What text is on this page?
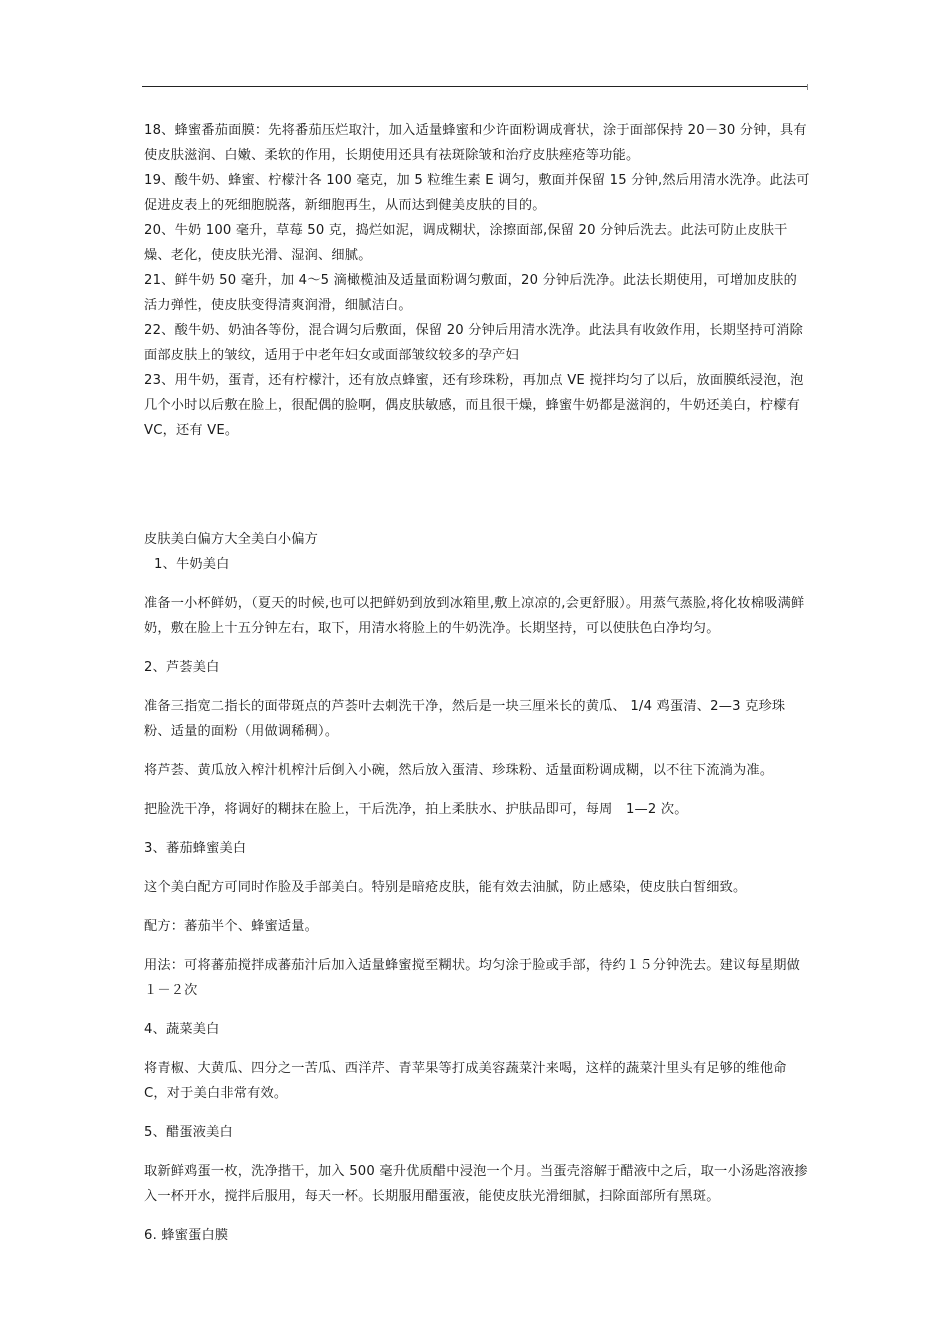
18、蜂蜜番茄面膜：先将番茄压烂取汁，加入适量蜂蜜和少许面粉调成膏状，涂于面部保持 20－30 分钟，具有使皮肤滋润、白嫩、柔软的作用，长期使用还具有祛斑除皱和治疗皮肤痤疮等功能。

19、酸牛奶、蜂蜜、柠檬汁各 100 毫克，加 5 粒维生素 E 调匀，敷面并保留 15 分钟,然后用清水洗净。此法可促进皮表上的死细胞脱落，新细胞再生，从而达到健美皮肤的目的。

20、牛奶 100 毫升，草莓 50 克，捣烂如泥，调成糊状，涂擦面部,保留 20 分钟后洗去。此法可防止皮肤干燥、老化，使皮肤光滑、湿润、细腻。

21、鲜牛奶 50 毫升，加 4～5 滴橄榄油及适量面粉调匀敷面，20 分钟后洗净。此法长期使用，可增加皮肤的活力弹性，使皮肤变得清爽润滑，细腻洁白。

22、酸牛奶、奶油各等份，混合调匀后敷面，保留 20 分钟后用清水洗净。此法具有收敛作用，长期坚持可消除面部皮肤上的皱纹，适用于中老年妇女或面部皱纹较多的孕产妇

23、用牛奶，蛋青，还有柠檬汁，还有放点蜂蜜，还有珍珠粉，再加点 VE 搅拌均匀了以后，放面膜纸浸泡，泡几个小时以后敷在脸上，很配偶的脸啊，偶皮肤敏感，而且很干燥，蜂蜜牛奶都是滋润的，牛奶还美白，柠檬有 VC，还有 VE。

皮肤美白偏方大全美白小偏方

1、牛奶美白

准备一小杯鲜奶，（夏天的时候,也可以把鲜奶到放到冰箱里,敷上凉凉的,会更舒服）。用蒸气蒸脸,将化妆棉吸满鲜奶，敷在脸上十五分钟左右，取下，用清水将脸上的牛奶洗净。长期坚持，可以使肤色白净均匀。

2、芦荟美白

准备三指宽二指长的面带斑点的芦荟叶去刺洗干净，然后是一块三厘米长的黄瓜、 1/4 鸡蛋清、2—3 克珍珠粉、适量的面粉（用做调稀稠）。

将芦荟、黄瓜放入榨汁机榨汁后倒入小碗，然后放入蛋清、珍珠粉、适量面粉调成糊，以不往下流淌为准。

把脸洗干净，将调好的糊抹在脸上，干后洗净，拍上柔肤水、护肤品即可，每周　1—2 次。

3、蕃茄蜂蜜美白

这个美白配方可同时作脸及手部美白。特别是暗疮皮肤，能有效去油腻，防止感染，使皮肤白皙细致。

配方：蕃茄半个、蜂蜜适量。

用法：可将蕃茄搅拌成蕃茄汁后加入适量蜂蜜搅至糊状。均匀涂于脸或手部，待约１５分钟洗去。建议每星期做１－２次

4、蔬菜美白

将青椒、大黄瓜、四分之一苦瓜、西洋芹、青苹果等打成美容蔬菜汁来喝，这样的蔬菜汁里头有足够的维他命 C，对于美白非常有效。

5、醋蛋液美白

取新鲜鸡蛋一枚，洗净揩干，加入 500 毫升优质醋中浸泡一个月。当蛋壳溶解于醋液中之后，取一小汤匙溶液掺入一杯开水，搅拌后服用，每天一杯。长期服用醋蛋液，能使皮肤光滑细腻，扫除面部所有黑斑。

6. 蜂蜜蛋白膜
